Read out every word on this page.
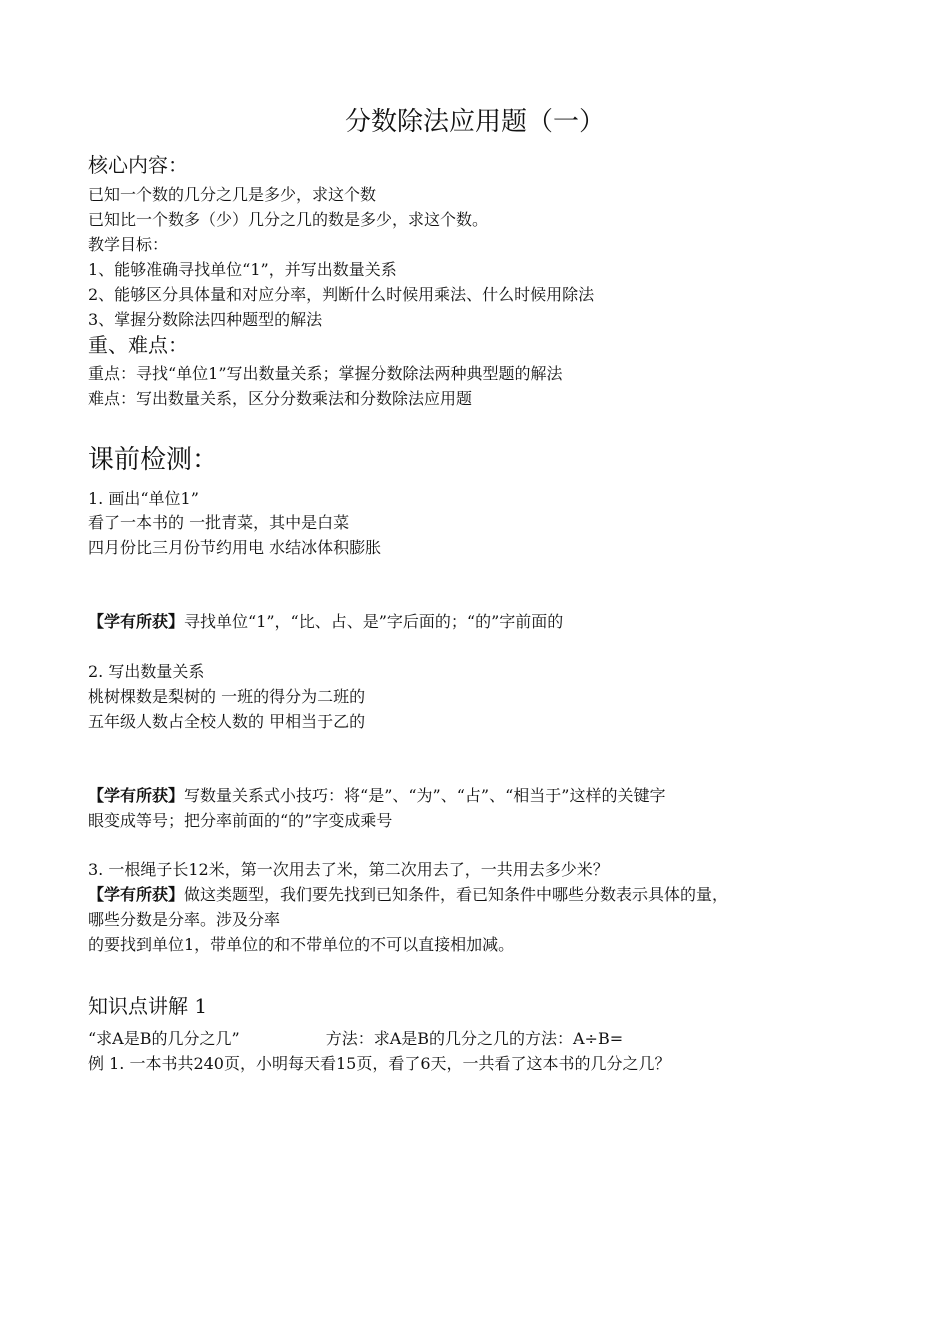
分数除法应用题（一）
核心内容：
已知一个数的几分之几是多少，求这个数
已知比一个数多（少）几分之几的数是多少，求这个数。
教学目标：
1、能够准确寻找单位“1”，并写出数量关系
2、能够区分具体量和对应分率，判断什么时候用乘法、什么时候用除法
3、掌握分数除法四种题型的解法
重、难点：
重点：寻找“单位1”写出数量关系；掌握分数除法两种典型题的解法
难点：写出数量关系，区分分数乘法和分数除法应用题
课前检测：
1. 画出“单位1”
看了一本书的 一批青菜，其中是白菜
四月份比三月份节约用电 水结冰体积膨胀
【学有所获】寻找单位“1”，“比、占、是”字后面的；“的”字前面的
2. 写出数量关系
桃树棵数是梨树的 一班的得分为二班的
五年级人数占全校人数的 甲相当于乙的
【学有所获】写数量关系式小技巧：将“是”、“为”、“占”、“相当于”这样的关键字
眼变成等号；把分率前面的“的”字变成乘号
3. 一根绳子长12米，第一次用去了米，第二次用去了，一共用去多少米？
【学有所获】做这类题型，我们要先找到已知条件，看已知条件中哪些分数表示具体的量，
哪些分数是分率。涉及分率
的要找到单位1，带单位的和不带单位的不可以直接相加减。
知识点讲解 1
“求A是B的几分之几”	方法：求A是B的几分之几的方法：A÷B=
例 1. 一本书共240页，小明每天看15页，看了6天，一共看了这本书的几分之几？
